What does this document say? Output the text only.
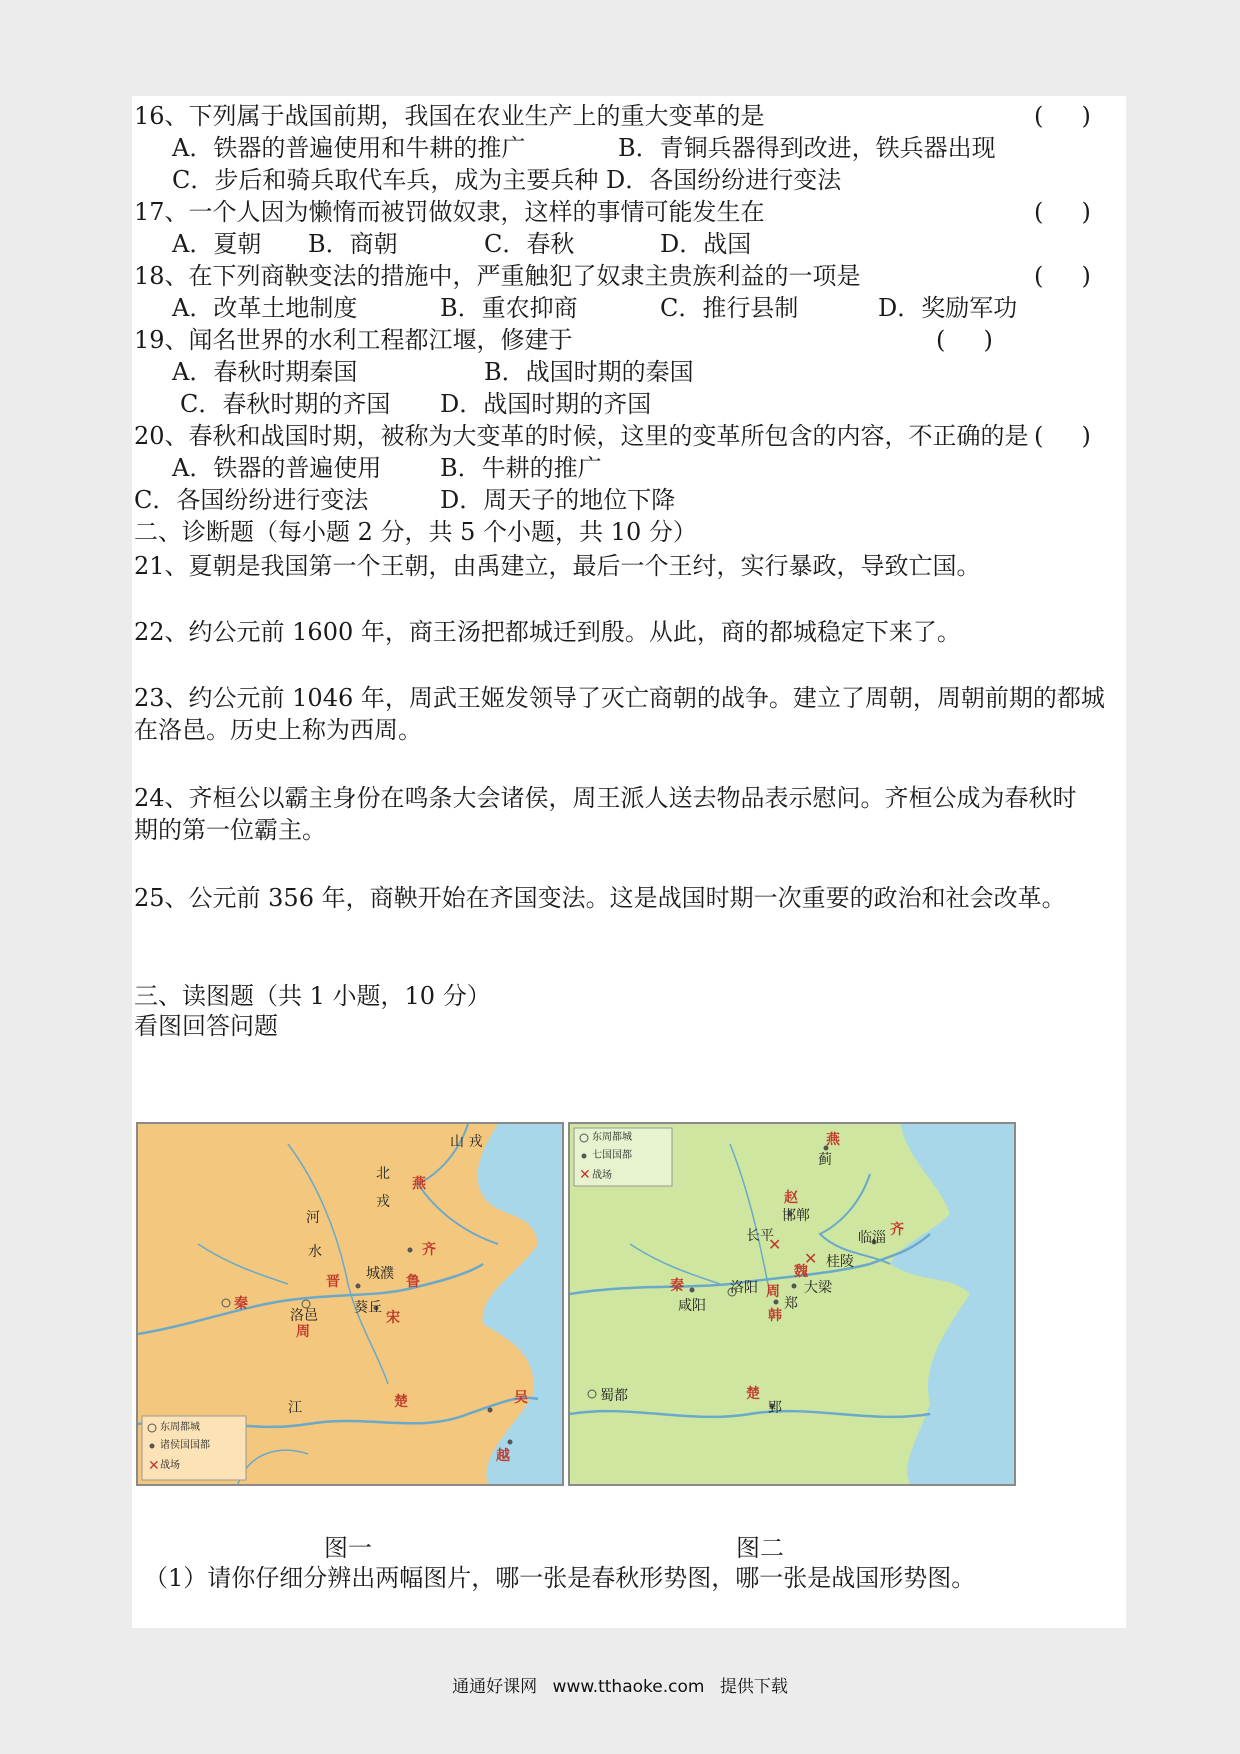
16、下列属于战国前期，我国在农业生产上的重大变革的是	(     )
A．铁器的普遍使用和牛耕的推广	B．青铜兵器得到改进，铁兵器出现
C．步后和骑兵取代车兵，成为主要兵种 D．各国纷纷进行变法
17、一个人因为懒惰而被罚做奴隶，这样的事情可能发生在	(     )
A．夏朝 B．商朝	C．春秋	D．战国
18、在下列商鞅变法的措施中，严重触犯了奴隶主贵族利益的一项是	(     )
A．改革土地制度	B．重农抑商	C．推行县制	D．奖励军功
19、闻名世界的水利工程都江堰，修建于	(     )
A．春秋时期秦国	B．战国时期的秦国
C．春秋时期的齐国 D．战国时期的齐国
20、春秋和战国时期，被称为大变革的时候，这里的变革所包含的内容，不正确的是 (     )
A．铁器的普遍使用 B．牛耕的推广
C．各国纷纷进行变法	D．周天子的地位下降
二、诊断题（每小题 2 分，共 5 个小题，共 10 分）
21、夏朝是我国第一个王朝，由禹建立，最后一个王纣，实行暴政，导致亡国。
22、约公元前 1600 年，商王汤把都城迁到殷。从此，商的都城稳定下来了。
23、约公元前 1046 年，周武王姬发领导了灭亡商朝的战争。建立了周朝，周朝前期的都城
在洛邑。历史上称为西周。
24、齐桓公以霸主身份在鸣条大会诸侯，周王派人送去物品表示慰问。齐桓公成为春秋时
期的第一位霸主。
25、公元前 356 年，商鞅开始在齐国变法。这是战国时期一次重要的政治和社会改革。
三、读图题（共 1 小题，10 分）
看图回答问题
✕
山 戎
北
燕
戎
齐
晋 城濮 鲁
秦
洛邑
周
葵丘
宋
河
水
楚
江
吴
越
东周都城
诸侯国国都
战场
✕
✕
✕
东周都城
七国国都
战场
燕
蓟
赵
邯郸
长平	临淄 齐
桂陵
魏
大梁
秦
咸阳
洛阳 周
郑
韩
蜀都	楚
郢
图一	图二
（1）请你仔细分辨出两幅图片，哪一张是春秋形势图，哪一张是战国形势图。
通通好课网 www.tthaoke.com 提供下载
